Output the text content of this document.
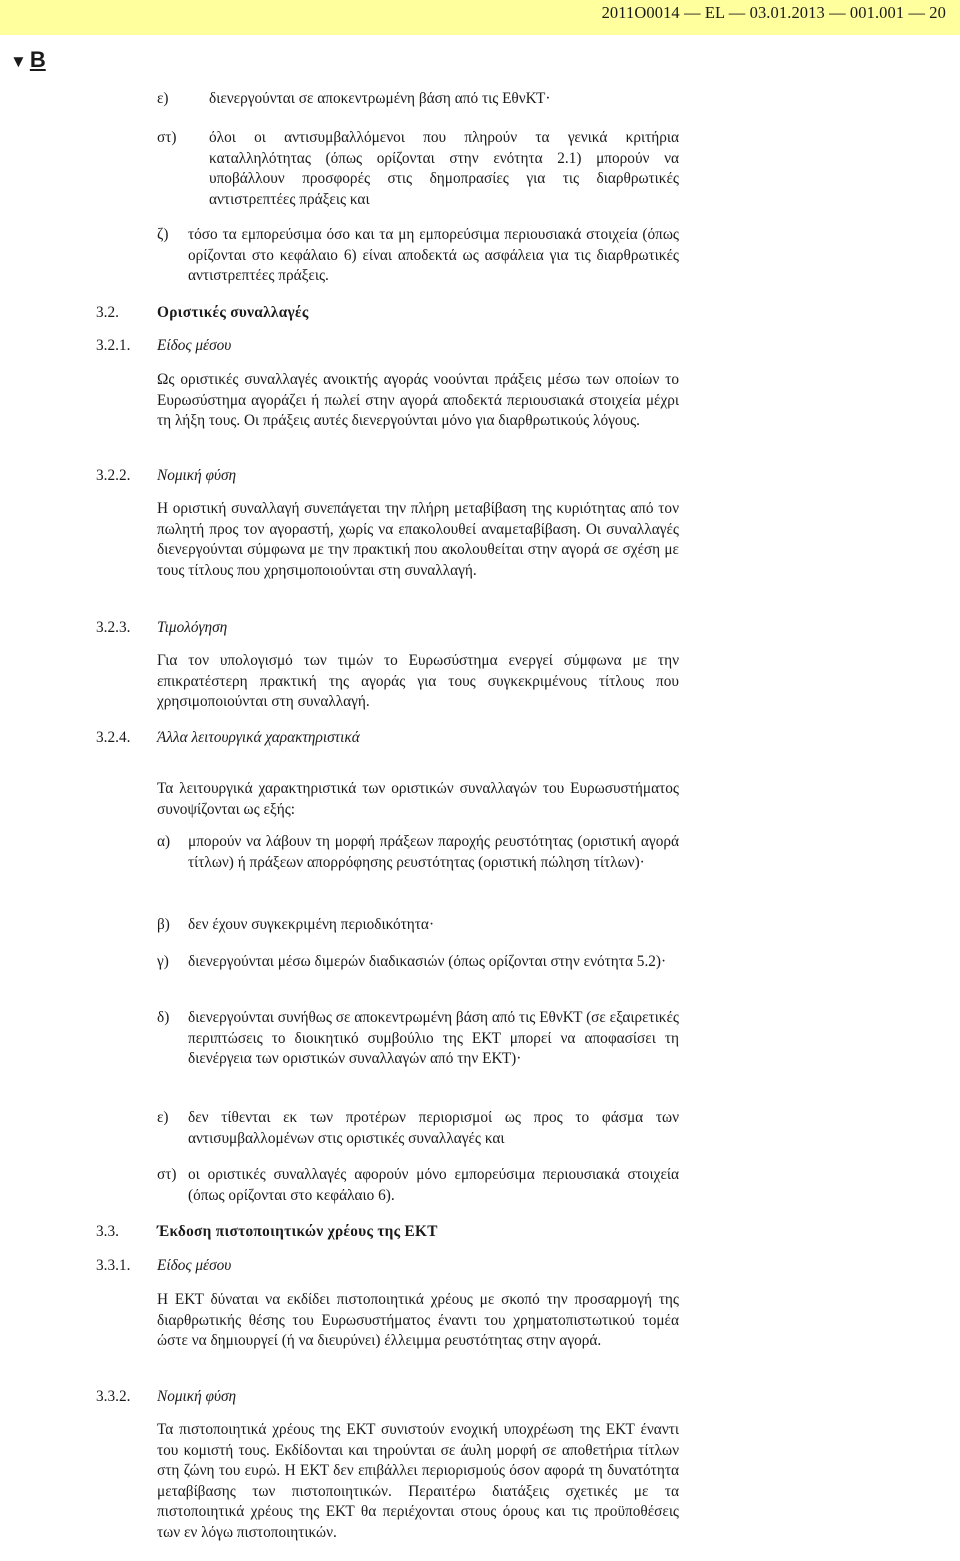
2011O0014 — EL — 03.01.2013 — 001.001 — 20
▼ B
ε)	διενεργούνται σε αποκεντρωμένη βάση από τις ΕθνΚΤ·
στ) όλοι οι αντισυμβαλλόμενοι που πληρούν τα γενικά κριτήρια καταλληλότητας (όπως ορίζονται στην ενότητα 2.1) μπορούν να υποβάλλουν προσφορές στις δημοπρασίες για τις διαρθρωτικές αντιστρεπτέες πράξεις και
ζ) τόσο τα εμπορεύσιμα όσο και τα μη εμπορεύσιμα περιουσιακά στοιχεία (όπως ορίζονται στο κεφάλαιο 6) είναι αποδεκτά ως ασφάλεια για τις διαρθρωτικές αντιστρεπτέες πράξεις.
3.2. Οριστικές συναλλαγές
3.2.1. Είδος μέσου
Ως οριστικές συναλλαγές ανοικτής αγοράς νοούνται πράξεις μέσω των οποίων το Ευρωσύστημα αγοράζει ή πωλεί στην αγορά αποδεκτά περιουσιακά στοιχεία μέχρι τη λήξη τους. Οι πράξεις αυτές διενεργούνται μόνο για διαρθρωτικούς λόγους.
3.2.2. Νομική φύση
Η οριστική συναλλαγή συνεπάγεται την πλήρη μεταβίβαση της κυριότητας από τον πωλητή προς τον αγοραστή, χωρίς να επακολουθεί αναμεταβίβαση. Οι συναλλαγές διενεργούνται σύμφωνα με την πρακτική που ακολουθείται στην αγορά σε σχέση με τους τίτλους που χρησιμοποιούνται στη συναλλαγή.
3.2.3. Τιμολόγηση
Για τον υπολογισμό των τιμών το Ευρωσύστημα ενεργεί σύμφωνα με την επικρατέστερη πρακτική της αγοράς για τους συγκεκριμένους τίτλους που χρησιμοποιούνται στη συναλλαγή.
3.2.4. Άλλα λειτουργικά χαρακτηριστικά
Τα λειτουργικά χαρακτηριστικά των οριστικών συναλλαγών του Ευρωσυστήματος συνοψίζονται ως εξής:
α) μπορούν να λάβουν τη μορφή πράξεων παροχής ρευστότητας (οριστική αγορά τίτλων) ή πράξεων απορρόφησης ρευστότητας (οριστική πώληση τίτλων)·
β) δεν έχουν συγκεκριμένη περιοδικότητα·
γ) διενεργούνται μέσω διμερών διαδικασιών (όπως ορίζονται στην ενότητα 5.2)·
δ) διενεργούνται συνήθως σε αποκεντρωμένη βάση από τις ΕθνΚΤ (σε εξαιρετικές περιπτώσεις το διοικητικό συμβούλιο της ΕΚΤ μπορεί να αποφασίσει τη διενέργεια των οριστικών συναλλαγών από την ΕΚΤ)·
ε) δεν τίθενται εκ των προτέρων περιορισμοί ως προς το φάσμα των αντισυμβαλλομένων στις οριστικές συναλλαγές και
στ) οι οριστικές συναλλαγές αφορούν μόνο εμπορεύσιμα περιουσιακά στοιχεία (όπως ορίζονται στο κεφάλαιο 6).
3.3. Έκδοση πιστοποιητικών χρέους της ΕΚΤ
3.3.1. Είδος μέσου
Η ΕΚΤ δύναται να εκδίδει πιστοποιητικά χρέους με σκοπό την προσαρμογή της διαρθρωτικής θέσης του Ευρωσυστήματος έναντι του χρηματοπιστωτικού τομέα ώστε να δημιουργεί (ή να διευρύνει) έλλειμμα ρευστότητας στην αγορά.
3.3.2. Νομική φύση
Τα πιστοποιητικά χρέους της ΕΚΤ συνιστούν ενοχική υποχρέωση της ΕΚΤ έναντι του κομιστή τους. Εκδίδονται και τηρούνται σε άυλη μορφή σε αποθετήρια τίτλων στη ζώνη του ευρώ. Η ΕΚΤ δεν επιβάλλει περιορισμούς όσον αφορά τη δυνατότητα μεταβίβασης των πιστοποιητικών. Περαιτέρω διατάξεις σχετικές με τα πιστοποιητικά χρέους της ΕΚΤ θα περιέχονται στους όρους και τις προϋποθέσεις των εν λόγω πιστοποιητικών.
